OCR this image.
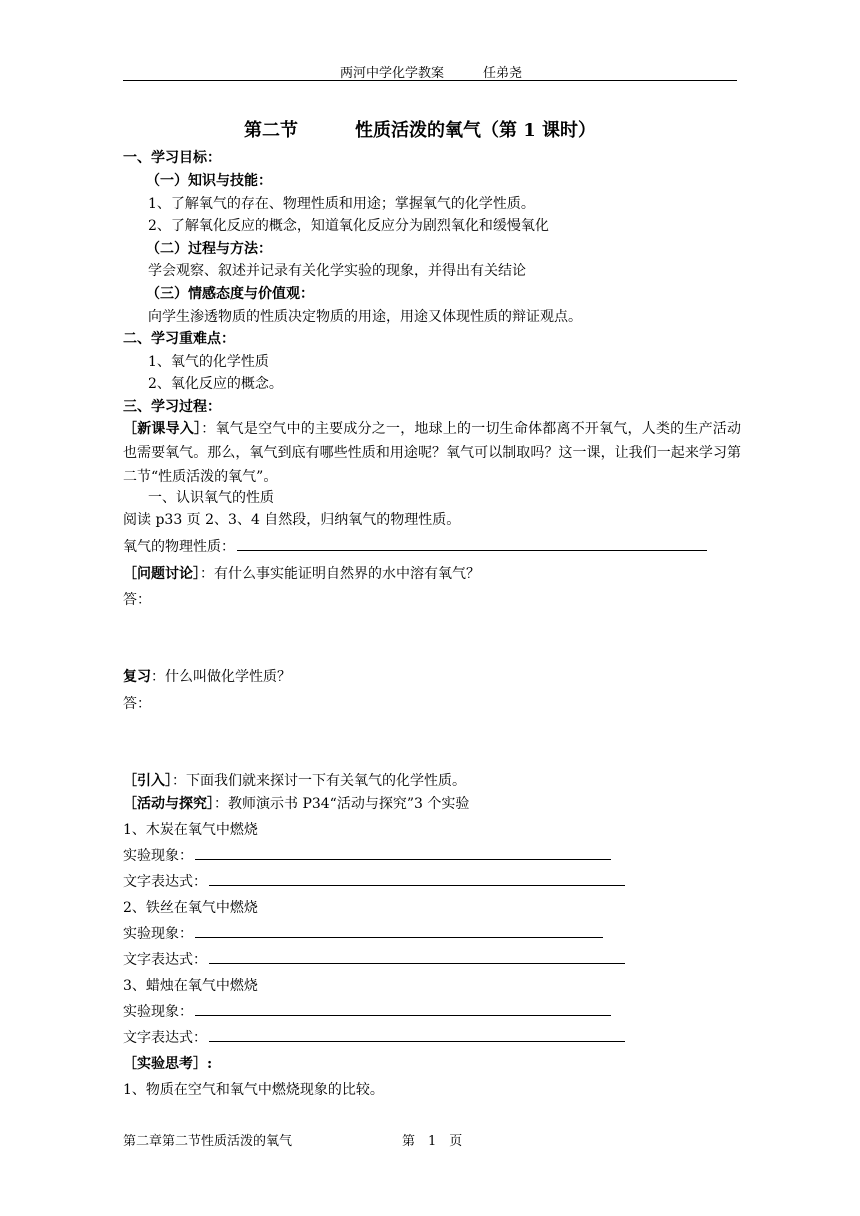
两河中学化学教案	任弟尧
第二节	性质活泼的氧气（第 1 课时）
一、学习目标：
（一）知识与技能：
1、了解氧气的存在、物理性质和用途；掌握氧气的化学性质。
2、了解氧化反应的概念，知道氧化反应分为剧烈氧化和缓慢氧化
（二）过程与方法：
学会观察、叙述并记录有关化学实验的现象，并得出有关结论
（三）情感态度与价值观：
向学生渗透物质的性质决定物质的用途，用途又体现性质的辩证观点。
二、学习重难点：
1、氧气的化学性质
2、氧化反应的概念。
三、学习过程：
［新课导入］：氧气是空气中的主要成分之一，地球上的一切生命体都离不开氧气，人类的生产活动也需要氧气。那么，氧气到底有哪些性质和用途呢？氧气可以制取吗？这一课，让我们一起来学习第二节“性质活泼的氧气”。
一、认识氧气的性质
阅读 p33 页 2、3、4 自然段，归纳氧气的物理性质。
氧气的物理性质：
［问题讨论］：有什么事实能证明自然界的水中溶有氧气？
答：
复习：什么叫做化学性质？
答：
［引入］：下面我们就来探讨一下有关氧气的化学性质。
［活动与探究］：教师演示书 P34“活动与探究”3 个实验
1、木炭在氧气中燃烧
实验现象：
文字表达式：
2、铁丝在氧气中燃烧
实验现象：
文字表达式：
3、蜡烛在氧气中燃烧
实验现象：
文字表达式：
［实验思考］:
1、物质在空气和氧气中燃烧现象的比较。
第二章第二节性质活泼的氧气	第　1　页
